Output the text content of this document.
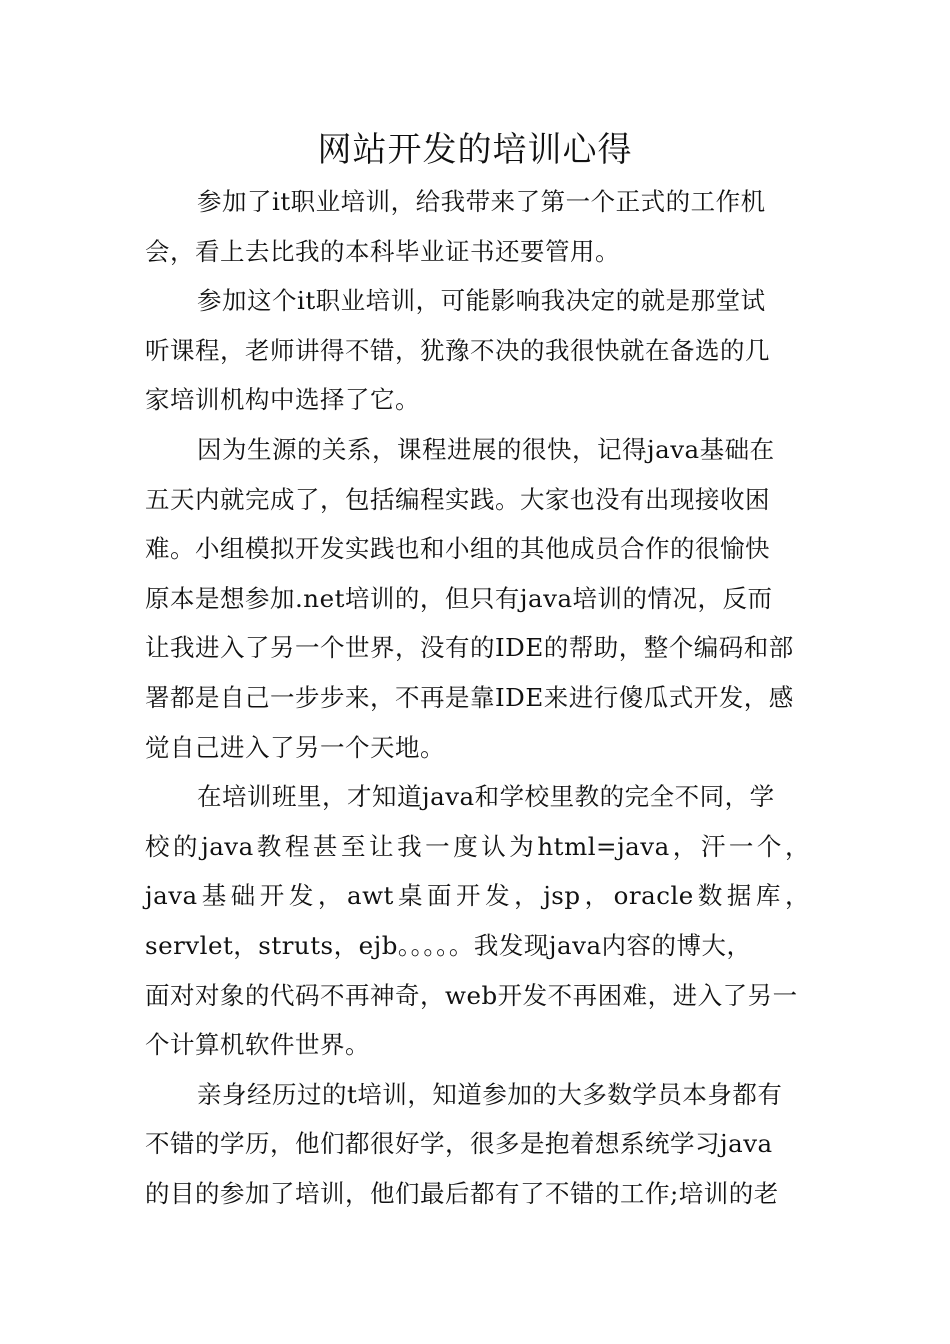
网站开发的培训心得
参加了it职业培训，给我带来了第一个正式的工作机
会，看上去比我的本科毕业证书还要管用。
参加这个it职业培训，可能影响我决定的就是那堂试
听课程，老师讲得不错，犹豫不决的我很快就在备选的几
家培训机构中选择了它。
因为生源的关系，课程进展的很快，记得java基础在
五天内就完成了，包括编程实践。大家也没有出现接收困
难。小组模拟开发实践也和小组的其他成员合作的很愉快
原本是想参加.net培训的，但只有java培训的情况，反而
让我进入了另一个世界，没有的IDE的帮助，整个编码和部
署都是自己一步步来，不再是靠IDE来进行傻瓜式开发，感
觉自己进入了另一个天地。
在培训班里，才知道java和学校里教的完全不同，学
校的java教程甚至让我一度认为html=java，汗一个，
java基础开发，awt桌面开发，jsp，oracle数据库，
servlet，struts，ejb。。。。。我发现java内容的博大，
面对对象的代码不再神奇，web开发不再困难，进入了另一
个计算机软件世界。
亲身经历过的t培训，知道参加的大多数学员本身都有
不错的学历，他们都很好学，很多是抱着想系统学习java
的目的参加了培训，他们最后都有了不错的工作;培训的老
